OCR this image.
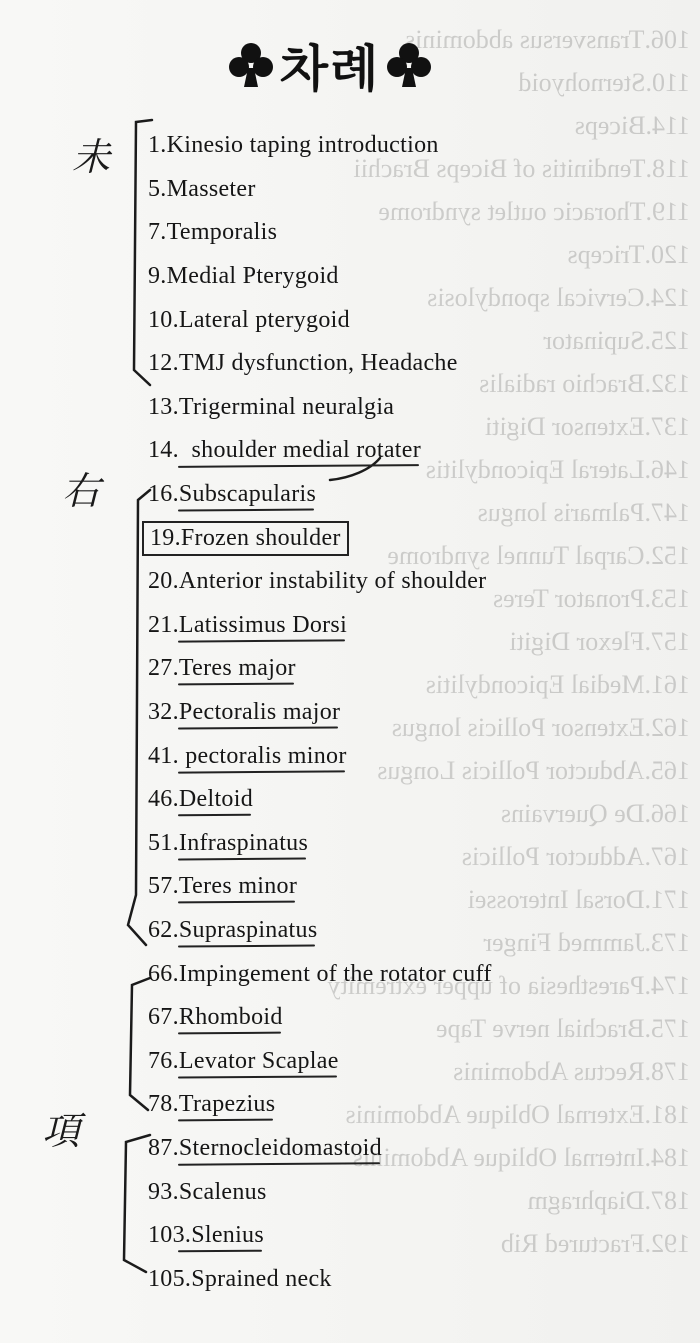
106.Transversus abdominis
110.Sternohyoid
114.Biceps
118.Tendinitis of Biceps Brachii
119.Thoracic outlet syndrome
120.Triceps
124.Cervical spondylosis
125.Supinator
132.Brachio radialis
137.Extensor Digiti
146.Lateral Epicondylitis
147.Palmaris longus
152.Carpal Tunnel syndrome
153.Pronator Teres
157.Flexor Digiti
161.Medial Epicondylitis
162.Extensor Pollicis longus
165.Abductor Pollicis Longus
166.De Quervains
167.Adductor Pollicis
171.Dorsal Interossei
173.Jammed Finger
174.Paresthesia of upper extremity
175.Brachial nerve Tape
178.Rectus Abdominis
181.External Oblique Abdominis
184.Internal Oblique Abdominis
187.Diaphragm
192.Fractured Rib
차례
未
右
項
1.Kinesio taping introduction
5.Masseter
7.Temporalis
9.Medial Pterygoid
10.Lateral pterygoid
12.TMJ dysfunction, Headache
13.Trigerminal neuralgia
14.  shoulder medial rotater
16.Subscapularis
19.Frozen shoulder
20.Anterior instability of shoulder
21.Latissimus Dorsi
27.Teres major
32.Pectoralis major
41. pectoralis minor
46.Deltoid
51.Infraspinatus
57.Teres minor
62.Supraspinatus
66.Impingement of the rotator cuff
67.Rhomboid
76.Levator Scaplae
78.Trapezius
87.Sternocleidomastoid
93.Scalenus
103.Slenius
105.Sprained neck
